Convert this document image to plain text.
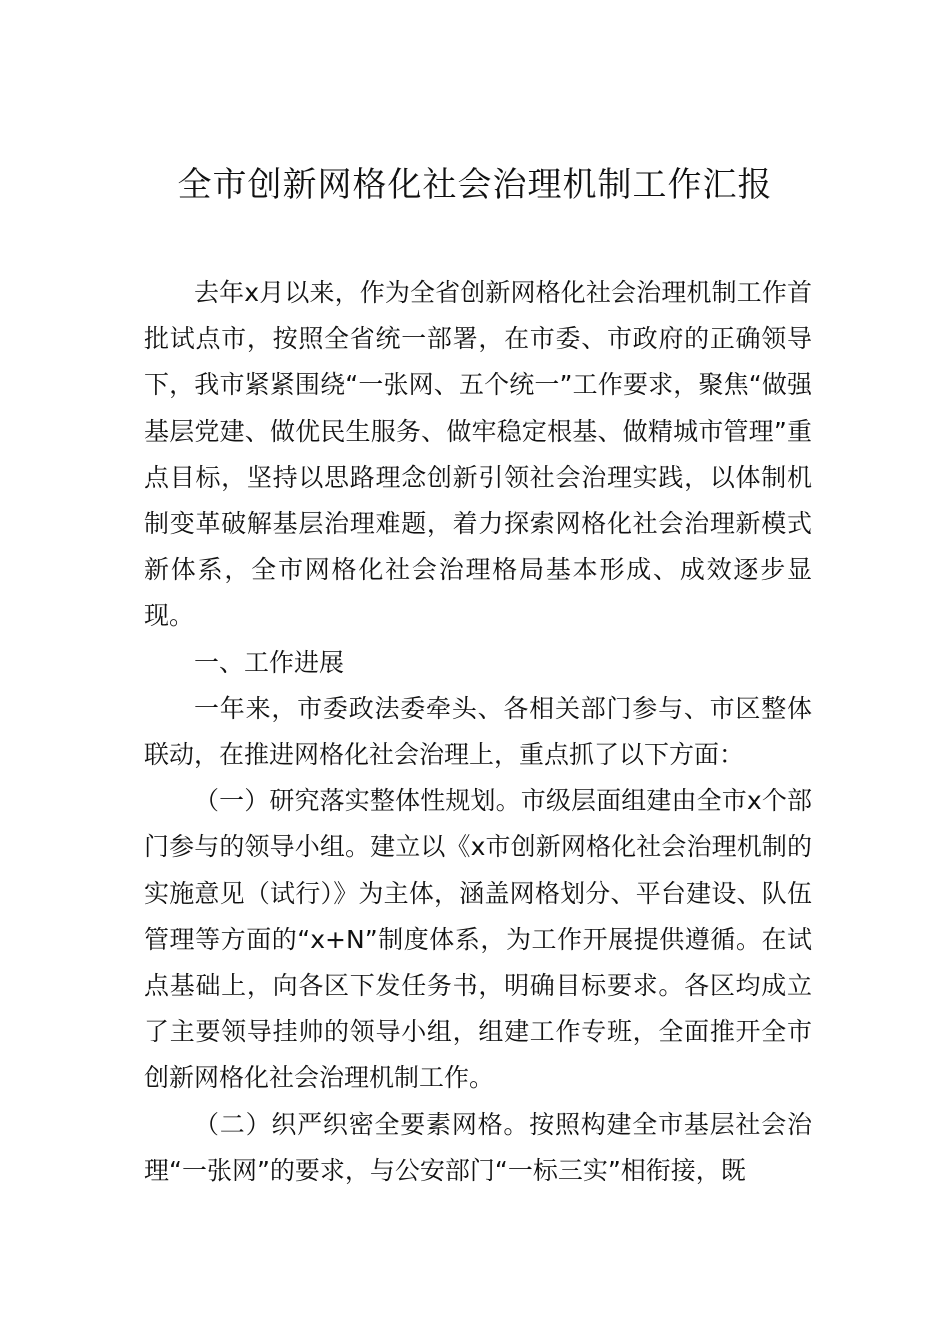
全市创新网格化社会治理机制工作汇报

去年x月以来，作为全省创新网格化社会治理机制工作首批试点市，按照全省统一部署，在市委、市政府的正确领导下，我市紧紧围绕“一张网、五个统一”工作要求，聚焦“做强基层党建、做优民生服务、做牢稳定根基、做精城市管理”重点目标，坚持以思路理念创新引领社会治理实践，以体制机制变革破解基层治理难题，着力探索网格化社会治理新模式新体系，全市网格化社会治理格局基本形成、成效逐步显现。

一、工作进展

一年来，市委政法委牵头、各相关部门参与、市区整体联动，在推进网格化社会治理上，重点抓了以下方面：

（一）研究落实整体性规划。市级层面组建由全市x个部门参与的领导小组。建立以《x市创新网格化社会治理机制的实施意见（试行）》为主体，涵盖网格划分、平台建设、队伍管理等方面的“x+N”制度体系，为工作开展提供遵循。在试点基础上，向各区下发任务书，明确目标要求。各区均成立了主要领导挂帅的领导小组，组建工作专班，全面推开全市创新网格化社会治理机制工作。

（二）织严织密全要素网格。按照构建全市基层社会治理“一张网”的要求，与公安部门“一标三实”相衔接，既
